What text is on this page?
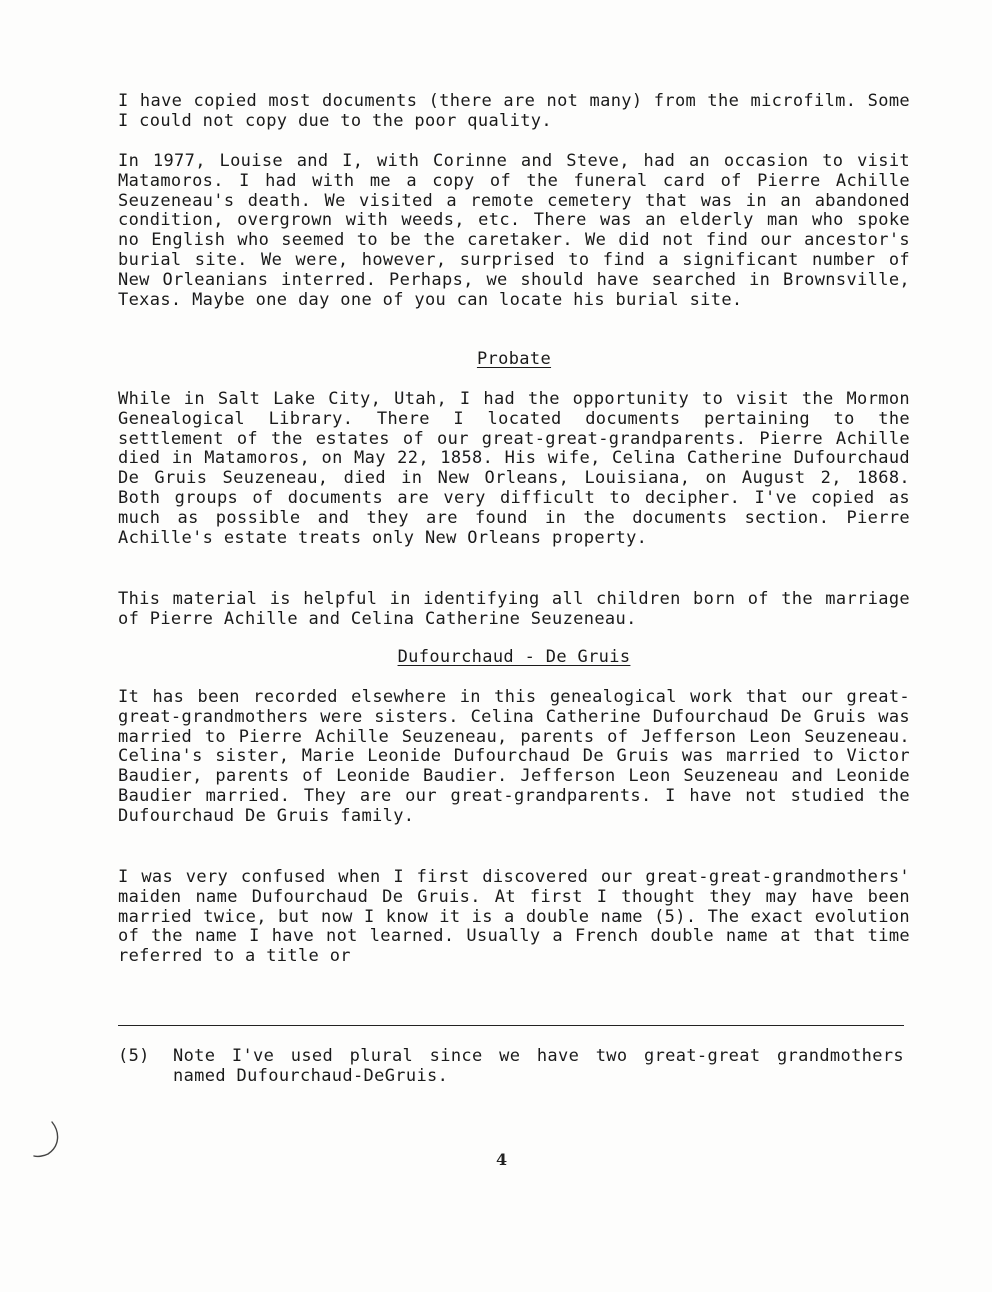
I have copied most documents (there are not many) from the microfilm. Some I could not copy due to the poor quality.

In 1977, Louise and I, with Corinne and Steve, had an occasion to visit Matamoros. I had with me a copy of the funeral card of Pierre Achille Seuzeneau's death. We visited a remote cemetery that was in an abandoned condition, overgrown with weeds, etc. There was an elderly man who spoke no English who seemed to be the caretaker. We did not find our ancestor's burial site. We were, however, surprised to find a significant number of New Orleanians interred. Perhaps, we should have searched in Brownsville, Texas. Maybe one day one of you can locate his burial site.

Probate

While in Salt Lake City, Utah, I had the opportunity to visit the Mormon Genealogical Library. There I located documents pertaining to the settlement of the estates of our great-great-grandparents. Pierre Achille died in Matamoros, on May 22, 1858. His wife, Celina Catherine Dufourchaud De Gruis Seuzeneau, died in New Orleans, Louisiana, on August 2, 1868. Both groups of documents are very difficult to decipher. I've copied as much as possible and they are found in the documents section. Pierre Achille's estate treats only New Orleans property.

This material is helpful in identifying all children born of the marriage of Pierre Achille and Celina Catherine Seuzeneau.

Dufourchaud - De Gruis

It has been recorded elsewhere in this genealogical work that our great-great-grandmothers were sisters. Celina Catherine Dufourchaud De Gruis was married to Pierre Achille Seuzeneau, parents of Jefferson Leon Seuzeneau. Celina's sister, Marie Leonide Dufourchaud De Gruis was married to Victor Baudier, parents of Leonide Baudier. Jefferson Leon Seuzeneau and Leonide Baudier married. They are our great-grandparents. I have not studied the Dufourchaud De Gruis family.

I was very confused when I first discovered our great-great-grandmothers' maiden name Dufourchaud De Gruis. At first I thought they may have been married twice, but now I know it is a double name (5). The exact evolution of the name I have not learned. Usually a French double name at that time referred to a title or

(5) Note I've used plural since we have two great-great grandmothers named Dufourchaud-DeGruis.

4
